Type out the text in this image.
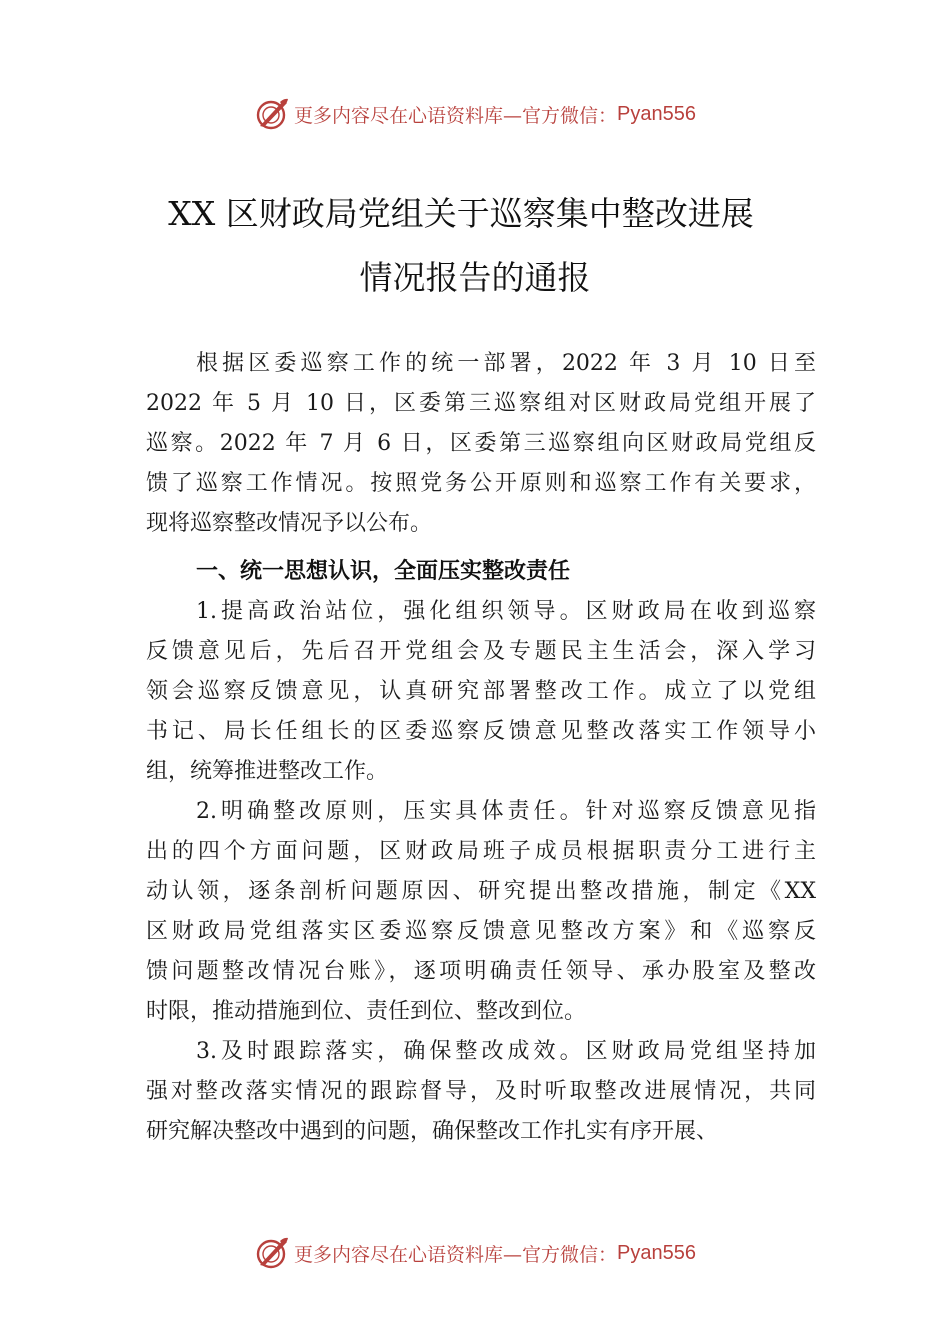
更多内容尽在心语资料库—官方微信： Pyan556
XX 区财政局党组关于巡察集中整改进展
情况报告的通报
根据区委巡察工作的统一部署，2022 年 3 月 10 日至
2022 年 5 月 10 日，区委第三巡察组对区财政局党组开展了
巡察。2022 年 7 月 6 日，区委第三巡察组向区财政局党组反
馈了巡察工作情况。按照党务公开原则和巡察工作有关要求，
现将巡察整改情况予以公布。
一、统一思想认识，全面压实整改责任
1.提高政治站位，强化组织领导。区财政局在收到巡察
反馈意见后，先后召开党组会及专题民主生活会，深入学习
领会巡察反馈意见，认真研究部署整改工作。成立了以党组
书记、局长任组长的区委巡察反馈意见整改落实工作领导小
组，统筹推进整改工作。
2.明确整改原则，压实具体责任。针对巡察反馈意见指
出的四个方面问题，区财政局班子成员根据职责分工进行主
动认领，逐条剖析问题原因、研究提出整改措施，制定《XX
区财政局党组落实区委巡察反馈意见整改方案》和《巡察反
馈问题整改情况台账》，逐项明确责任领导、承办股室及整改
时限，推动措施到位、责任到位、整改到位。
3.及时跟踪落实，确保整改成效。区财政局党组坚持加
强对整改落实情况的跟踪督导，及时听取整改进展情况，共同
研究解决整改中遇到的问题，确保整改工作扎实有序开展、
更多内容尽在心语资料库—官方微信： Pyan556
